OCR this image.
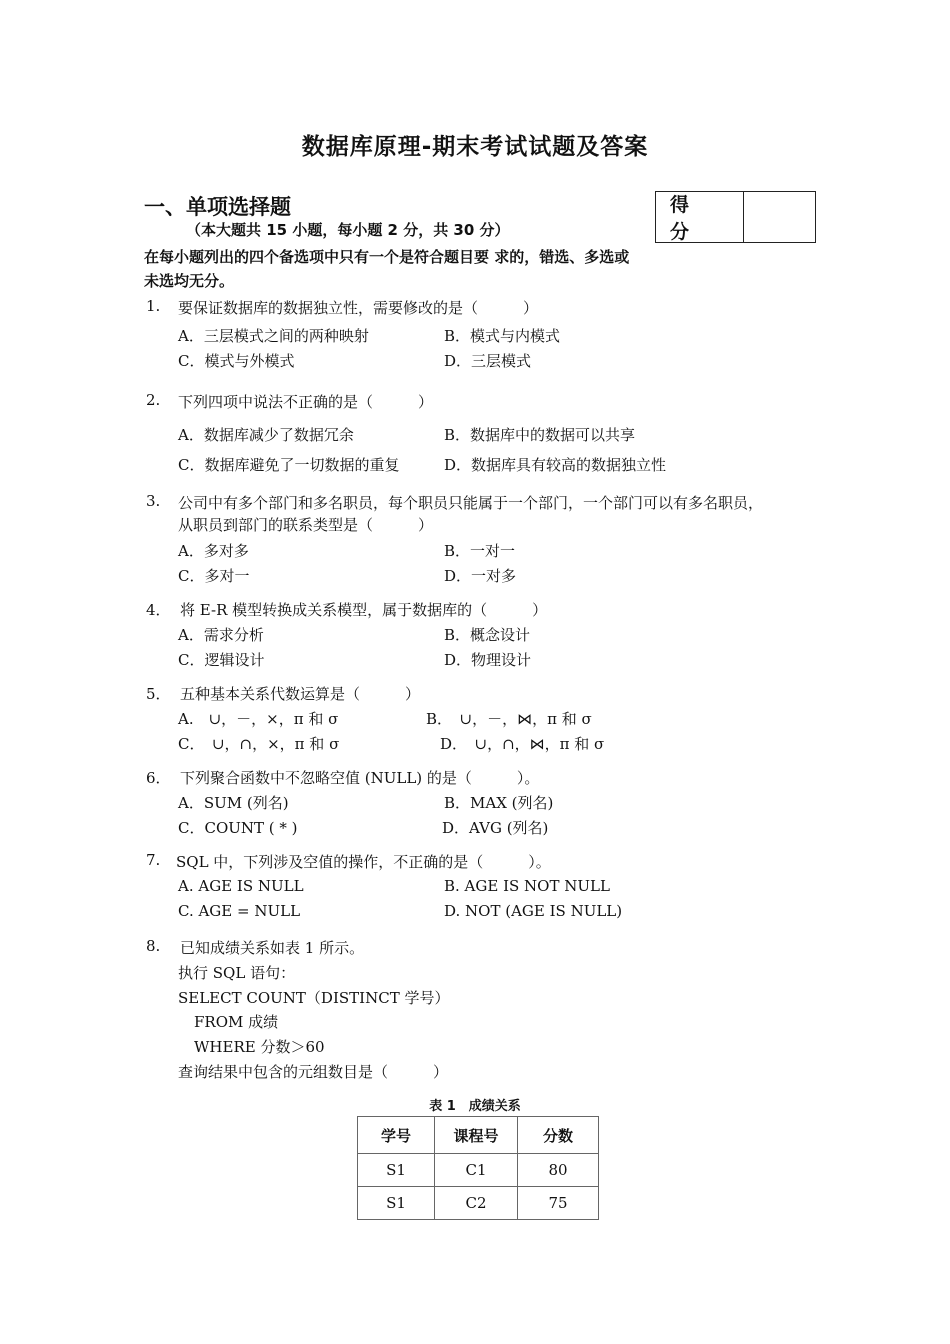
数据库原理-期末考试试题及答案
一、单项选择题
（本大题共 15 小题，每小题 2 分，共 30 分）
在每小题列出的四个备选项中只有一个是符合题目要 求的，错选、多选或未选均无分。
得分
1. 要保证数据库的数据独立性，需要修改的是（　　　）
A．三层模式之间的两种映射	B．模式与内模式
C．模式与外模式	D．三层模式
2. 下列四项中说法不正确的是（　　　）
A．数据库减少了数据冗余	B．数据库中的数据可以共享
C．数据库避免了一切数据的重复	D．数据库具有较高的数据独立性
3. 公司中有多个部门和多名职员，每个职员只能属于一个部门，一个部门可以有多名职员，
从职员到部门的联系类型是（　　　）
A．多对多	B．一对一
C．多对一	D．一对多
4． 将 E-R 模型转换成关系模型，属于数据库的（　　　）
A．需求分析	B．概念设计
C．逻辑设计	D．物理设计
5． 五种基本关系代数运算是（　　　）
A.　∪，－，×，π 和 σ	B．　∪，－，⋈，π 和 σ
C．　∪，∩，×，π 和 σ	D．　∪，∩，⋈，π 和 σ
6． 下列聚合函数中不忽略空值 (NULL) 的是（　　　）。
A．SUM (列名)	B．MAX (列名)
C．COUNT ( * )	D．AVG (列名)
7. SQL 中，下列涉及空值的操作，不正确的是（　　　）。
A. AGE IS NULL	B. AGE IS NOT NULL
C. AGE = NULL	D. NOT (AGE IS NULL)
8. 已知成绩关系如表 1 所示。
执行 SQL 语句：
SELECT COUNT（DISTINCT 学号）
FROM 成绩
WHERE 分数＞60
查询结果中包含的元组数目是（　　　）
表 1　成绩关系
学号	课程号	分数
S1	C1	80
S1	C2	75
